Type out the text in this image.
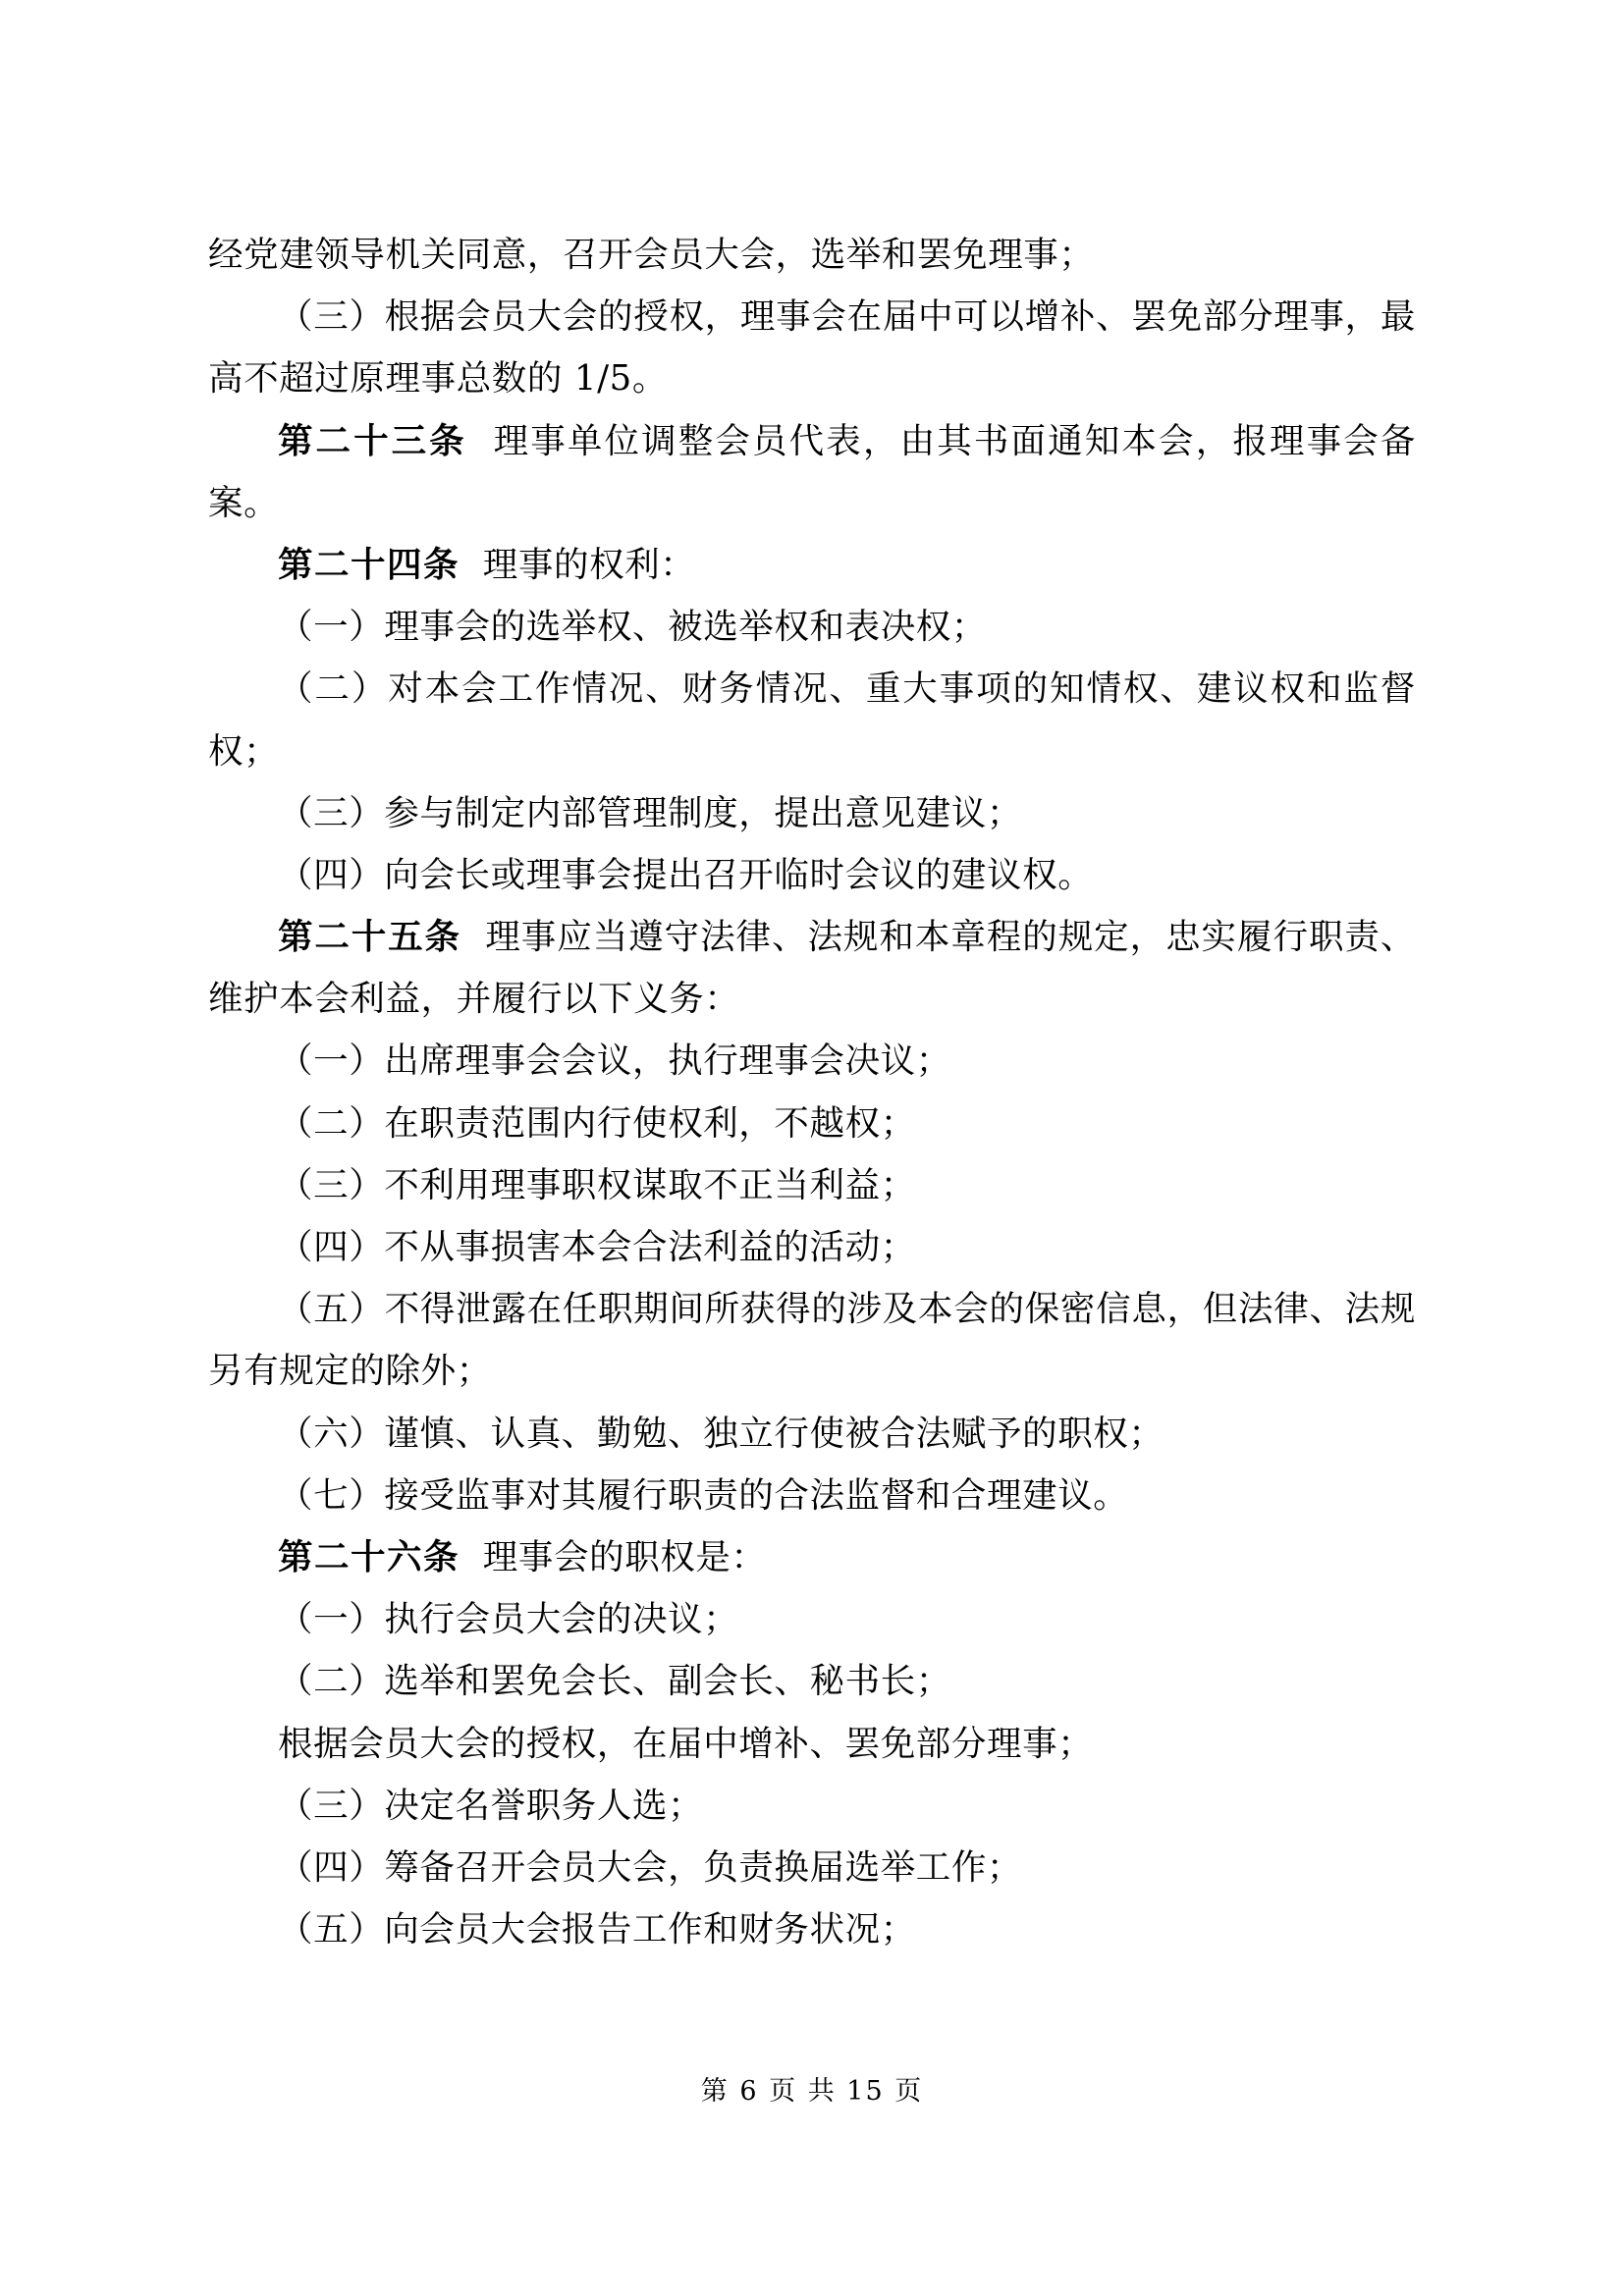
经党建领导机关同意，召开会员大会，选举和罢免理事；

（三）根据会员大会的授权，理事会在届中可以增补、罢免部分理事，最高不超过原理事总数的 1/5。

第二十三条 理事单位调整会员代表，由其书面通知本会，报理事会备案。

第二十四条 理事的权利：

（一）理事会的选举权、被选举权和表决权；

（二）对本会工作情况、财务情况、重大事项的知情权、建议权和监督权；

（三）参与制定内部管理制度，提出意见建议；

（四）向会长或理事会提出召开临时会议的建议权。

第二十五条 理事应当遵守法律、法规和本章程的规定，忠实履行职责、维护本会利益，并履行以下义务：

（一）出席理事会会议，执行理事会决议；

（二）在职责范围内行使权利，不越权；

（三）不利用理事职权谋取不正当利益；

（四）不从事损害本会合法利益的活动；

（五）不得泄露在任职期间所获得的涉及本会的保密信息，但法律、法规另有规定的除外；

（六）谨慎、认真、勤勉、独立行使被合法赋予的职权；

（七）接受监事对其履行职责的合法监督和合理建议。

第二十六条 理事会的职权是：

（一）执行会员大会的决议；

（二）选举和罢免会长、副会长、秘书长；

根据会员大会的授权，在届中增补、罢免部分理事；

（三）决定名誉职务人选；

（四）筹备召开会员大会，负责换届选举工作；

（五）向会员大会报告工作和财务状况；

第 6 页 共 15 页
